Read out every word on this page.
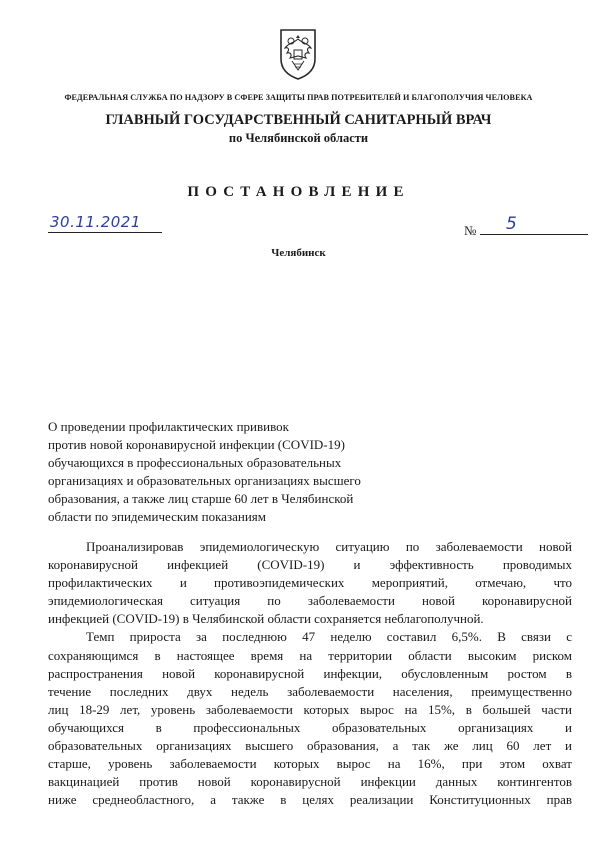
ФЕДЕРАЛЬНАЯ СЛУЖБА ПО НАДЗОРУ В СФЕРЕ ЗАЩИТЫ ПРАВ ПОТРЕБИТЕЛЕЙ И БЛАГОПОЛУЧИЯ ЧЕЛОВЕКА
ГЛАВНЫЙ ГОСУДАРСТВЕННЫЙ САНИТАРНЫЙ ВРАЧ
по Челябинской области
ПОСТАНОВЛЕНИЕ
30.11.2021	№ 5
Челябинск
О проведении профилактических прививок
против новой коронавирусной инфекции (COVID-19)
обучающихся в профессиональных образовательных
организациях и образовательных организациях высшего
образования, а также лиц старше 60 лет в Челябинской
области по эпидемическим показаниям
Проанализировав эпидемиологическую ситуацию по заболеваемости новой
коронавирусной инфекцией (COVID-19) и эффективность проводимых
профилактических и противоэпидемических мероприятий, отмечаю, что
эпидемиологическая ситуация по заболеваемости новой коронавирусной
инфекцией (COVID-19) в Челябинской области сохраняется неблагополучной.
Темп прироста за последнюю 47 неделю составил 6,5%. В связи с
сохраняющимся в настоящее время на территории области высоким риском
распространения новой коронавирусной инфекции, обусловленным ростом в
течение последних двух недель заболеваемости населения, преимущественно
лиц 18-29 лет, уровень заболеваемости которых вырос на 15%, в большей части
обучающихся в профессиональных образовательных организациях и
образовательных организациях высшего образования, а так же лиц 60 лет и
старше, уровень заболеваемости которых вырос на 16%, при этом охват
вакцинацией против новой коронавирусной инфекции данных контингентов
ниже среднеобластного, а также в целях реализации Конституционных прав
